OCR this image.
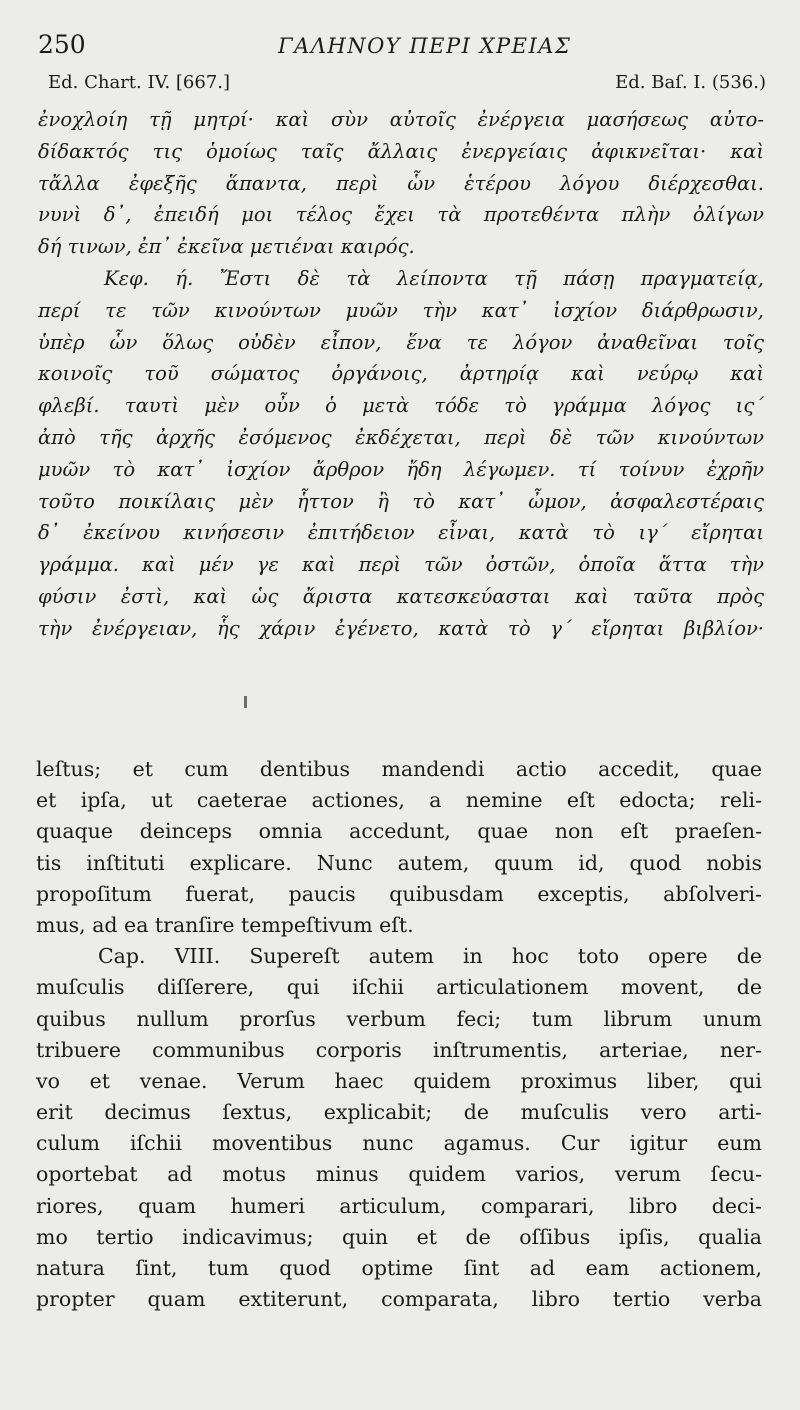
250	ΓΑΛΗΝΟΥ ΠΕΡΙ ΧΡΕΙΑΣ
Ed. Chart. IV. [667.]	Ed. Baſ. I. (536.)
ἐνοχλοίη τῇ μητρί· καὶ σὺν αὐτοῖς ἐνέργεια μασήσεως αὐτο-
δίδακτός τις ὁμοίως ταῖς ἄλλαις ἐνεργείαις ἀφικνεῖται· καὶ
τἄλλα ἐφεξῆς ἅπαντα, περὶ ὧν ἑτέρου λόγου διέρχεσθαι.
νυνὶ δ᾽, ἐπειδή μοι τέλος ἔχει τὰ προτεθέντα πλὴν ὀλίγων
δή τινων, ἐπ᾽ ἐκεῖνα μετιέναι καιρός.
Κεφ. ή. Ἔστι δὲ τὰ λείποντα τῇ πάσῃ πραγματείᾳ,
περί τε τῶν κινούντων μυῶν τὴν κατ᾽ ἰσχίον διάρθρωσιν,
ὑπὲρ ὧν ὅλως οὐδὲν εἶπον, ἕνα τε λόγον ἀναθεῖναι τοῖς
κοινοῖς τοῦ σώματος ὀργάνοις, ἀρτηρίᾳ καὶ νεύρῳ καὶ
φλεβί. ταυτὶ μὲν οὖν ὁ μετὰ τόδε τὸ γράμμα λόγος ις´
ἀπὸ τῆς ἀρχῆς ἐσόμενος ἐκδέχεται, περὶ δὲ τῶν κινούντων
μυῶν τὸ κατ᾽ ἰσχίον ἄρθρον ἤδη λέγωμεν. τί τοίνυν ἐχρῆν
τοῦτο ποικίλαις μὲν ἧττον ἢ τὸ κατ᾽ ὦμον, ἀσφαλεστέραις
δ᾽ ἐκείνου κινήσεσιν ἐπιτήδειον εἶναι, κατὰ τὸ ιγ´ εἴρηται
γράμμα. καὶ μέν γε καὶ περὶ τῶν ὀστῶν, ὁποῖα ἅττα τὴν
φύσιν ἐστὶ, καὶ ὡς ἄριστα κατεσκεύασται καὶ ταῦτα πρὸς
τὴν ἐνέργειαν, ἧς χάριν ἐγένετο, κατὰ τὸ γ´ εἴρηται βιβλίον·
leſtus; et cum dentibus mandendi actio accedit, quae
et ipſa, ut caeterae actiones, a nemine eſt edocta; reli-
quaque deinceps omnia accedunt, quae non eſt praeſen-
tis inſtituti explicare. Nunc autem, quum id, quod nobis
propoſitum fuerat, paucis quibusdam exceptis, abſolveri-
mus, ad ea tranſire tempeſtivum eſt.
Cap. VIII. Supereſt autem in hoc toto opere de
muſculis diſſerere, qui iſchii articulationem movent, de
quibus nullum prorſus verbum feci; tum librum unum
tribuere communibus corporis inſtrumentis, arteriae, ner-
vo et venae. Verum haec quidem proximus liber, qui
erit decimus ſextus, explicabit; de muſculis vero arti-
culum iſchii moventibus nunc agamus. Cur igitur eum
oportebat ad motus minus quidem varios, verum ſecu-
riores, quam humeri articulum, comparari, libro deci-
mo tertio indicavimus; quin et de oſſibus ipſis, qualia
natura ſint, tum quod optime ſint ad eam actionem,
propter quam extiterunt, comparata, libro tertio verba
